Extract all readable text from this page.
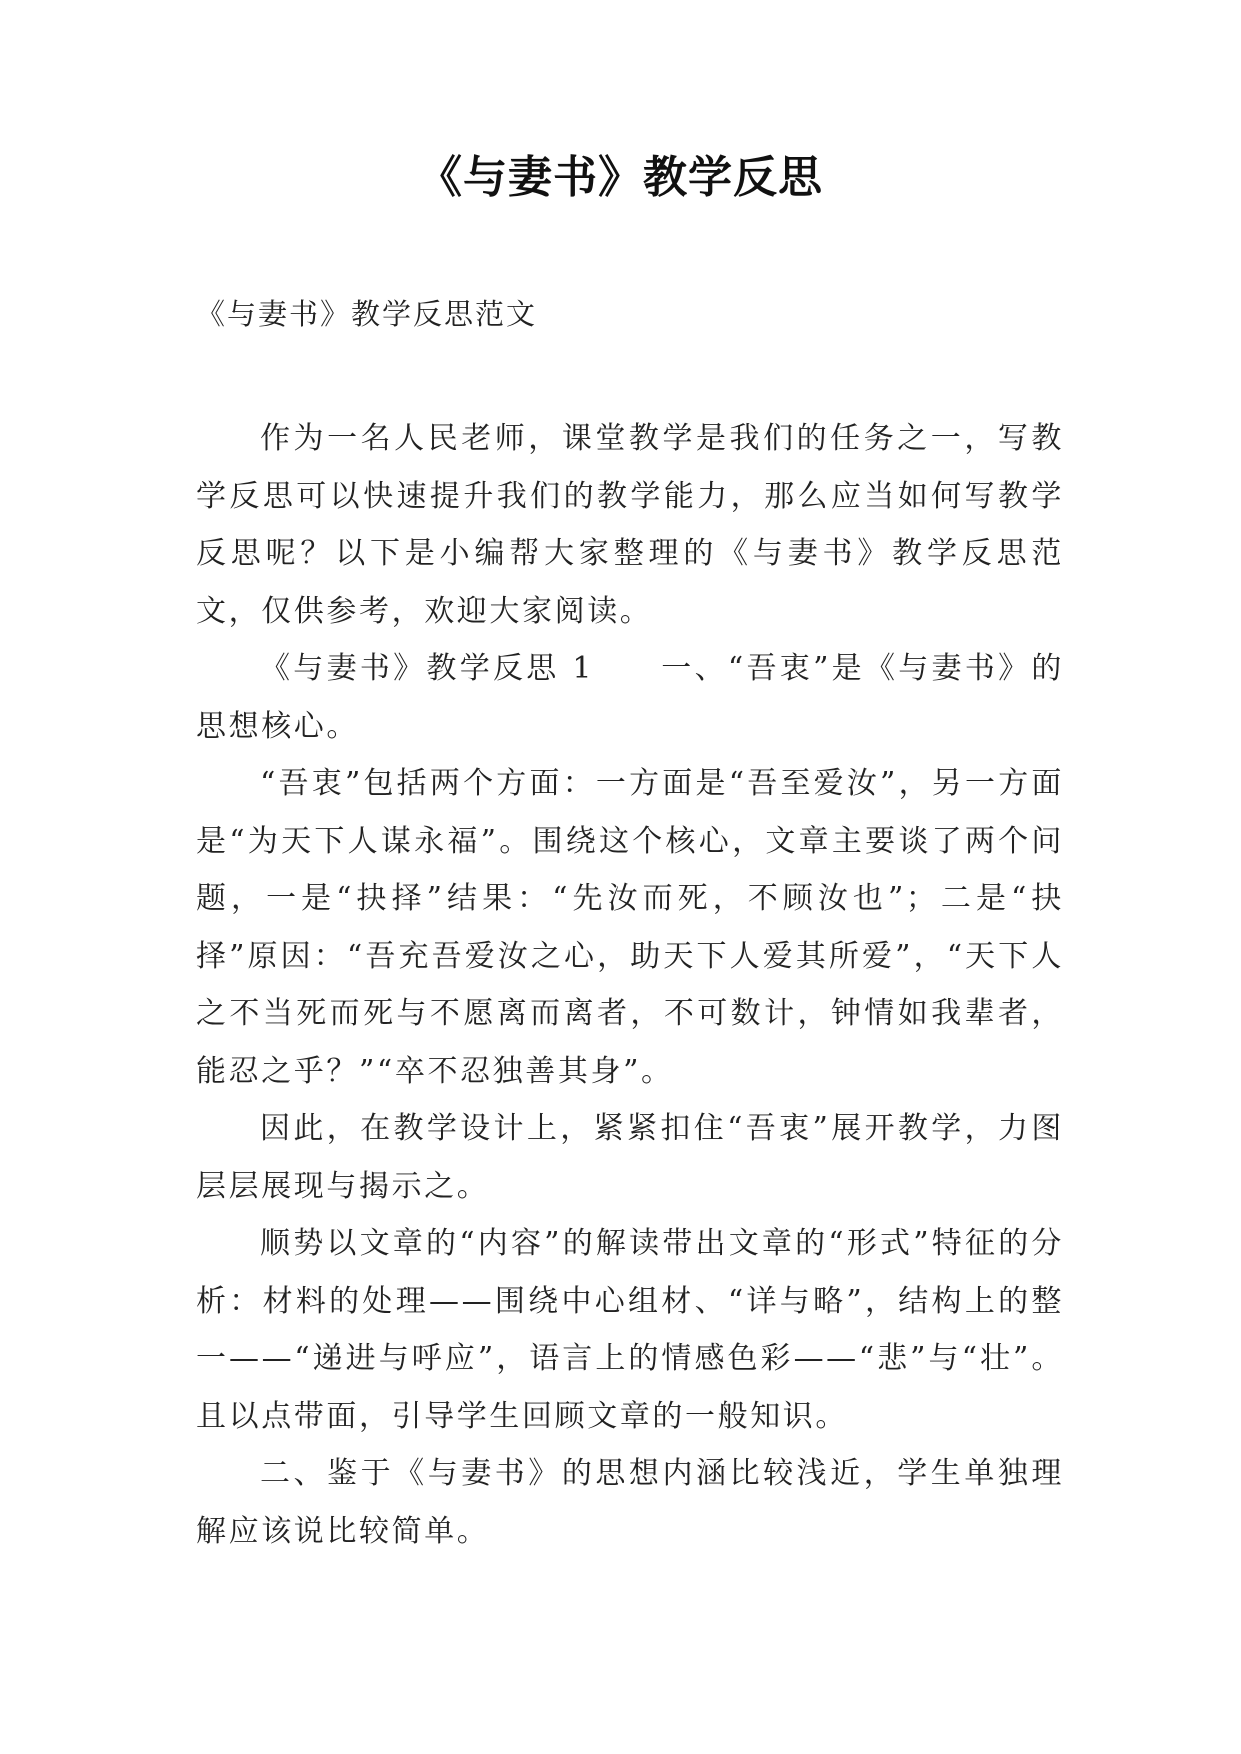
《与妻书》教学反思
《与妻书》教学反思范文

作为一名人民老师，课堂教学是我们的任务之一，写教学反思可以快速提升我们的教学能力，那么应当如何写教学反思呢？以下是小编帮大家整理的《与妻书》教学反思范文，仅供参考，欢迎大家阅读。

《与妻书》教学反思 1　　一、“吾衷”是《与妻书》的思想核心。

“吾衷”包括两个方面：一方面是“吾至爱汝”，另一方面是“为天下人谋永福”。围绕这个核心，文章主要谈了两个问题，一是“抉择”结果：“先汝而死，不顾汝也”；二是“抉择”原因：“吾充吾爱汝之心，助天下人爱其所爱”，“天下人之不当死而死与不愿离而离者，不可数计，钟情如我辈者，能忍之乎？”“卒不忍独善其身”。

因此，在教学设计上，紧紧扣住“吾衷”展开教学，力图层层展现与揭示之。

顺势以文章的“内容”的解读带出文章的“形式”特征的分析：材料的处理——围绕中心组材、“详与略”，结构上的整一——“递进与呼应”，语言上的情感色彩——“悲”与“壮”。且以点带面，引导学生回顾文章的一般知识。

二、鉴于《与妻书》的思想内涵比较浅近，学生单独理解应该说比较简单。
